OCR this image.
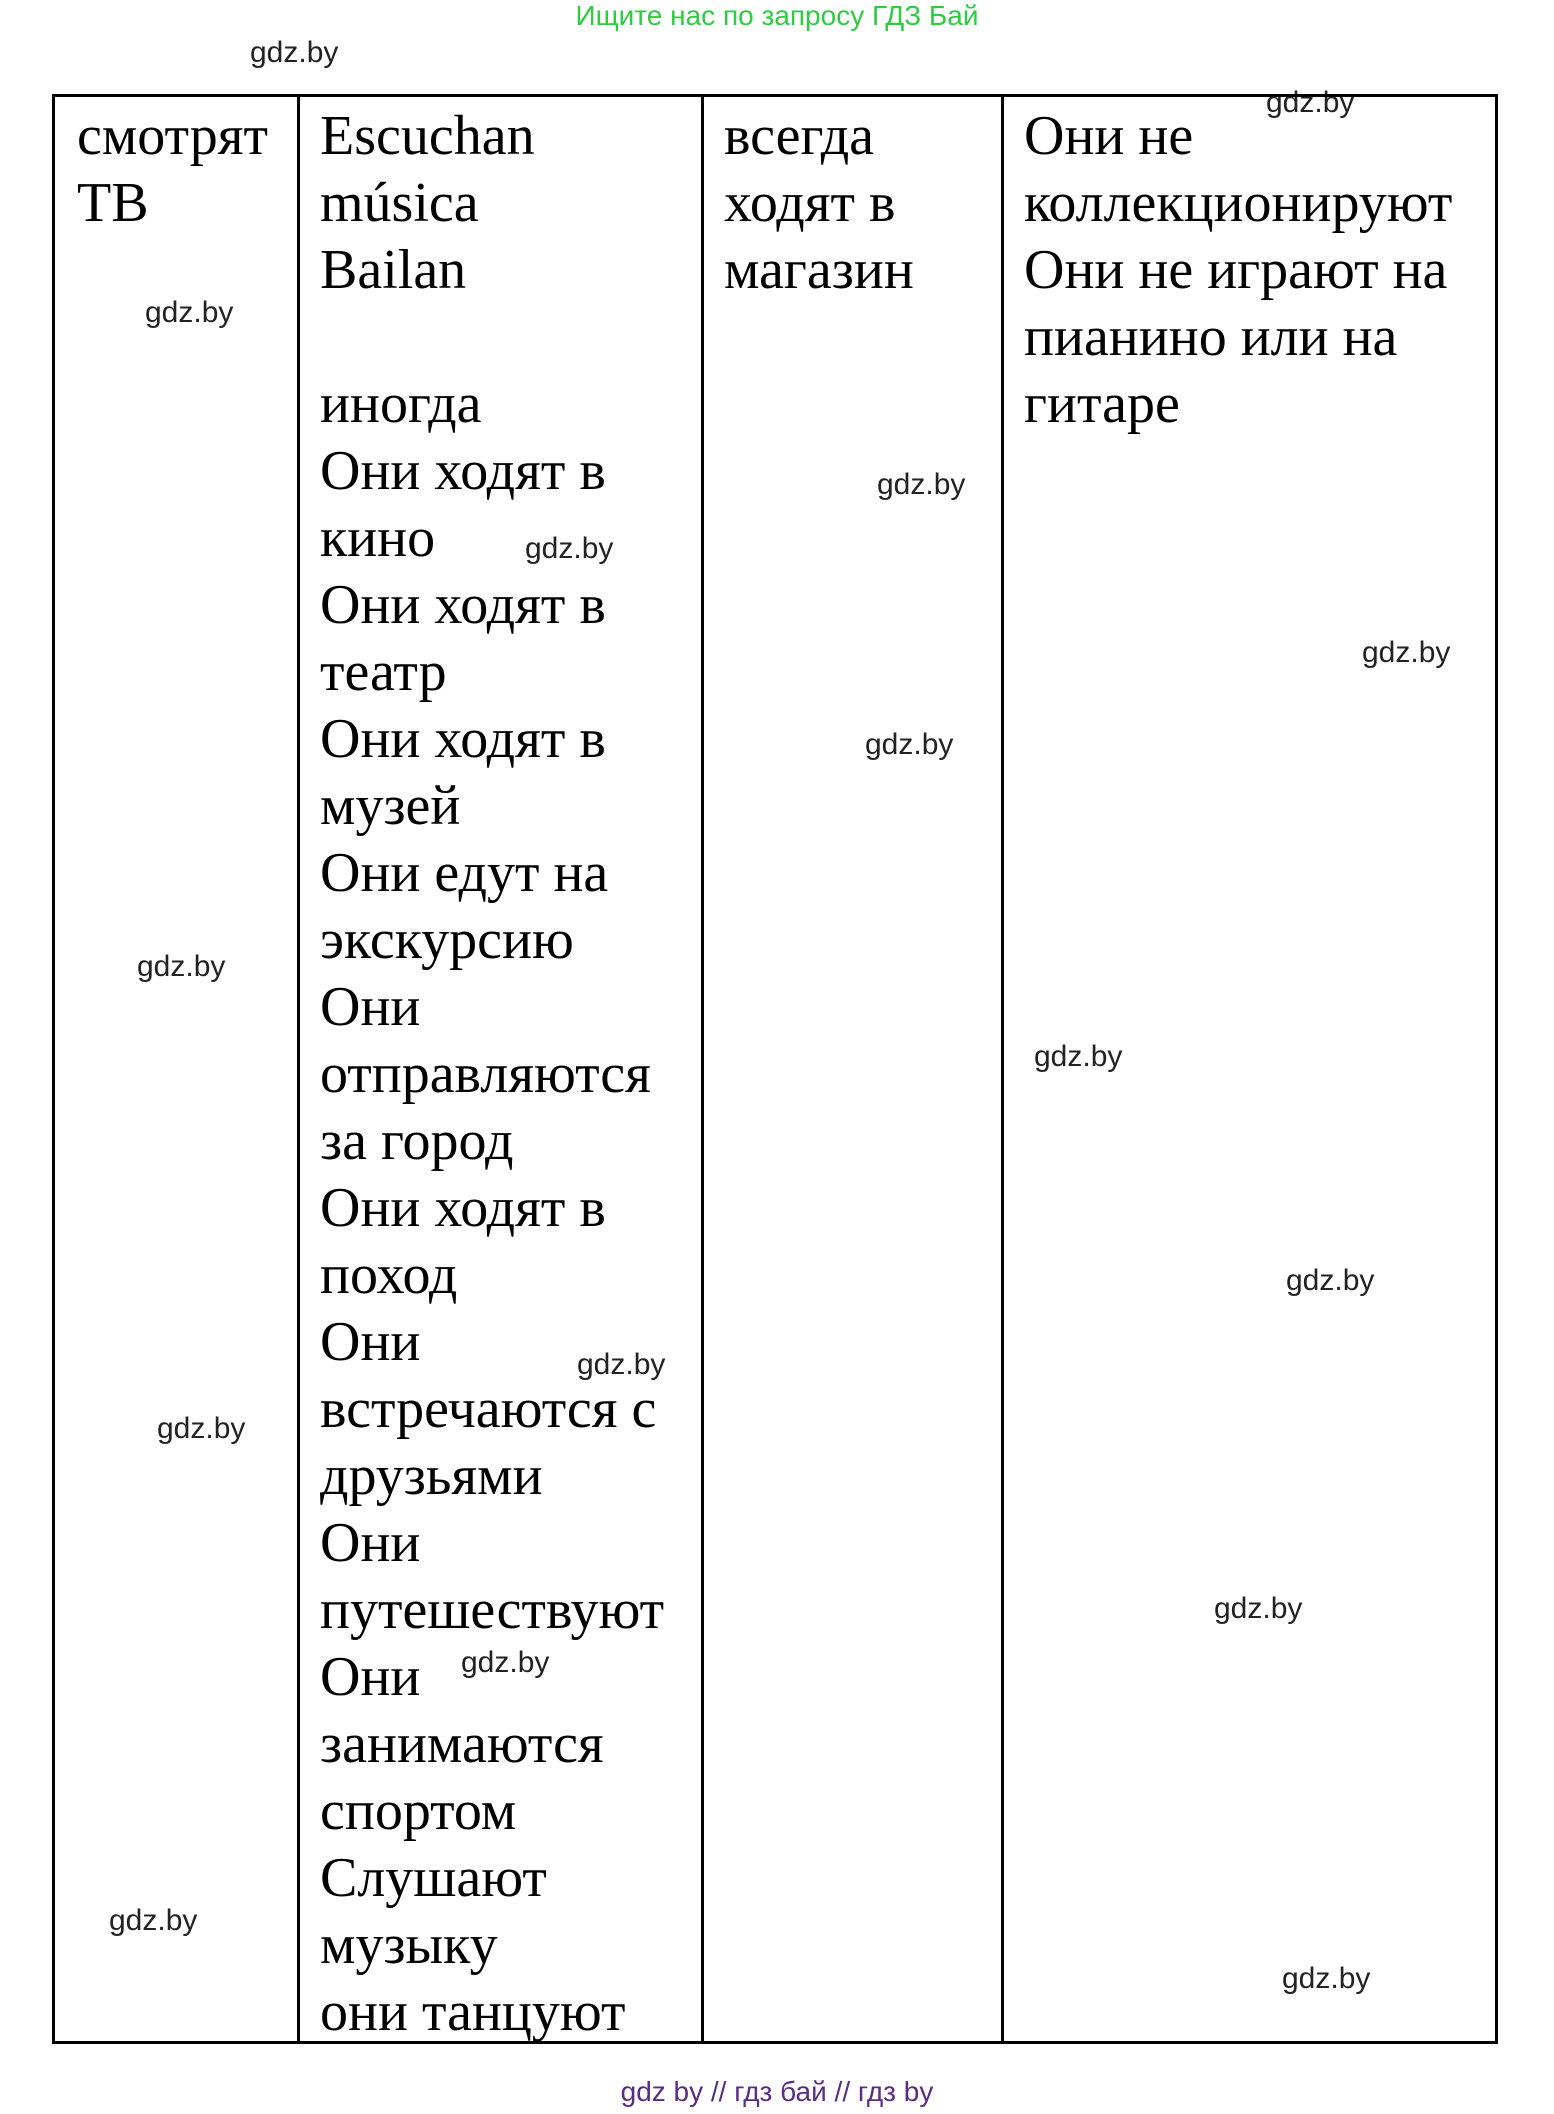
Ищите нас по запросу ГДЗ Бай
gdz.by
gdz.by
gdz.by
смотрят
ТВ
Escuchan
música
Bailan
иногда
Они ходят в
кино
Они ходят в
театр
Они ходят в
музей
Они едут на
экскурсию
Они
отправляются
за город
Они ходят в
поход
Они
встречаются с
друзьями
Они
путешествуют
Они
занимаются
спортом
Слушают
музыку
они танцуют
всегда
ходят в
магазин
Они не
коллекционируют
Они не играют на
пианино или на
гитаре
gdz.by
gdz.by
gdz.by
gdz.by
gdz.by
gdz.by
gdz.by
gdz.by
gdz.by
gdz.by
gdz.by
gdz.by
gdz.by
gdz by // гдз бай // гдз by
